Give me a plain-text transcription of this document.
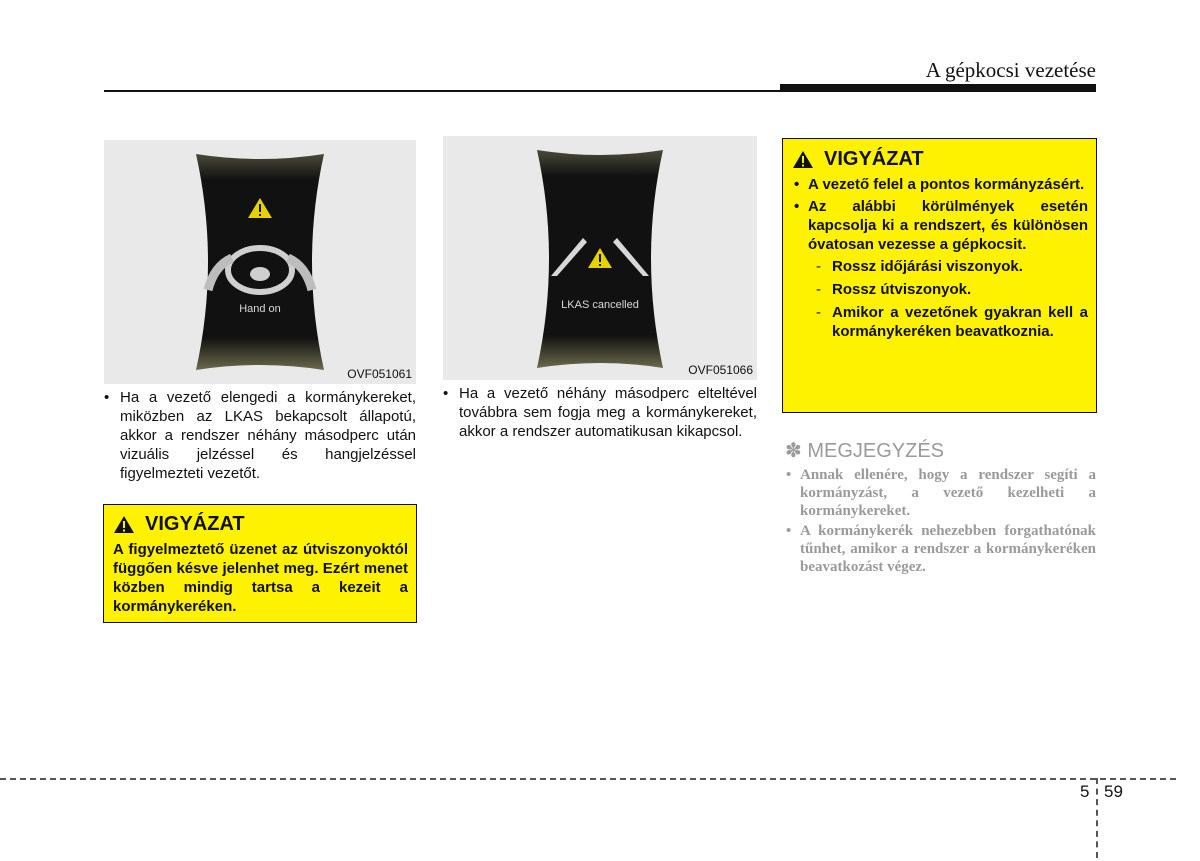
A gépkocsi vezetése
Hand on
OVF051061
LKAS cancelled
OVF051066
• Ha a vezető elengedi a kormánykereket, miközben az LKAS bekapcsolt állapotú, akkor a rendszer néhány másodperc után vizuális jelzéssel és hangjelzéssel figyelmezteti vezetőt.
• Ha a vezető néhány másodperc elteltével továbbra sem fogja meg a kormánykereket, akkor a rendszer automatikusan kikapcsol.
VIGYÁZAT
A figyelmeztető üzenet az útviszonyoktól függően késve jelenhet meg. Ezért menet közben mindig tartsa a kezeit a kormánykeréken.
VIGYÁZAT
• A vezető felel a pontos kormányzásért.
• Az alábbi körülmények esetén kapcsolja ki a rendszert, és különösen óvatosan vezesse a gépkocsit.
- Rossz időjárási viszonyok.
- Rossz útviszonyok.
- Amikor a vezetőnek gyakran kell a kormánykeréken beavatkoznia.
✽ MEGJEGYZÉS
• Annak ellenére, hogy a rendszer segíti a kormányzást, a vezető kezelheti a kormánykereket.
• A kormánykerék nehezebben forgathatónak tűnhet, amikor a rendszer a kormánykeréken beavatkozást végez.
5 59
